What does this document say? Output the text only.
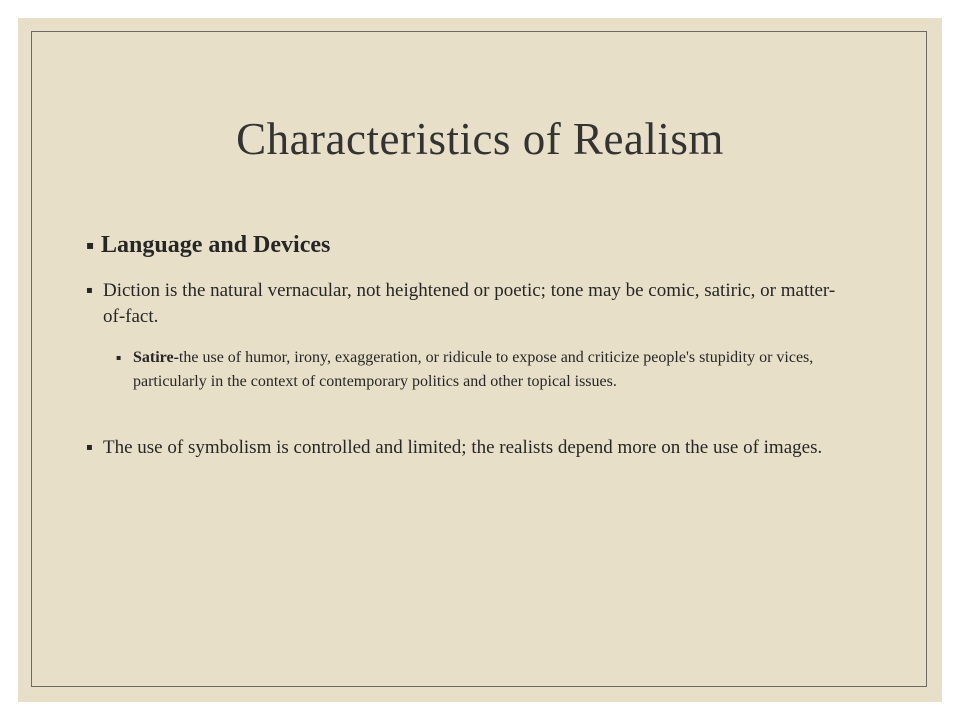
Characteristics of Realism
▪ Language and Devices
▪ Diction is the natural vernacular, not heightened or poetic; tone may be comic, satiric, or matter-of-fact.
▪ Satire-the use of humor, irony, exaggeration, or ridicule to expose and criticize people's stupidity or vices, particularly in the context of contemporary politics and other topical issues.
▪ The use of symbolism is controlled and limited; the realists depend more on the use of images.
